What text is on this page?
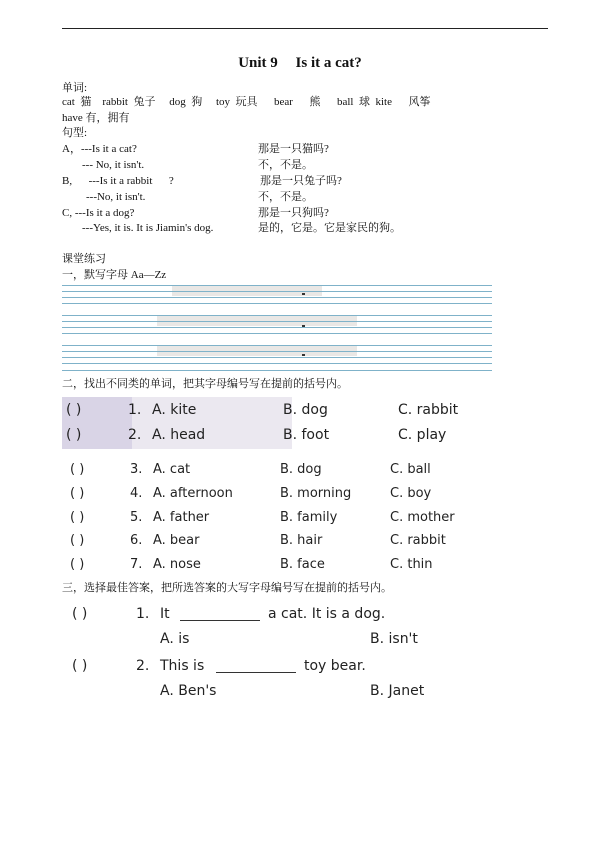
Unit 9 Is it a cat?
单词:
cat  猫    rabbit  兔子     dog  狗     toy  玩具      bear      熊      ball  球  kite      风筝
have 有，拥有
句型:
A，---Is it a cat?	那是一只猫吗?
--- No, it isn't.	不，不是。
B,      ---Is it a rabbit      ?	那是一只兔子吗?
---No, it isn't.	不，不是。
C, ---Is it a dog?	那是一只狗吗?
---Yes, it is. It is Jiamin's dog.	是的，它是。它是家民的狗。
课堂练习
一，默写字母 Aa—Zz
二，找出不同类的单词，把其字母编号写在提前的括号内。
( )	1. A. kite	B. dog	C. rabbit
( )	2. A. head	B. foot	C. play
( )	3. A. cat	B. dog	C. ball
( )	4. A. afternoon	B. morning	C. boy
( )	5. A. father	B. family	C. mother
( )	6. A. bear	B. hair	C. rabbit
( )	7. A. nose	B. face	C. thin
三，选择最佳答案，把所选答案的大写字母编号写在提前的括号内。
( )	1. It	a cat. It is a dog.
A. is	B. isn't
( )	2. This is	toy bear.
A. Ben's	B. Janet
